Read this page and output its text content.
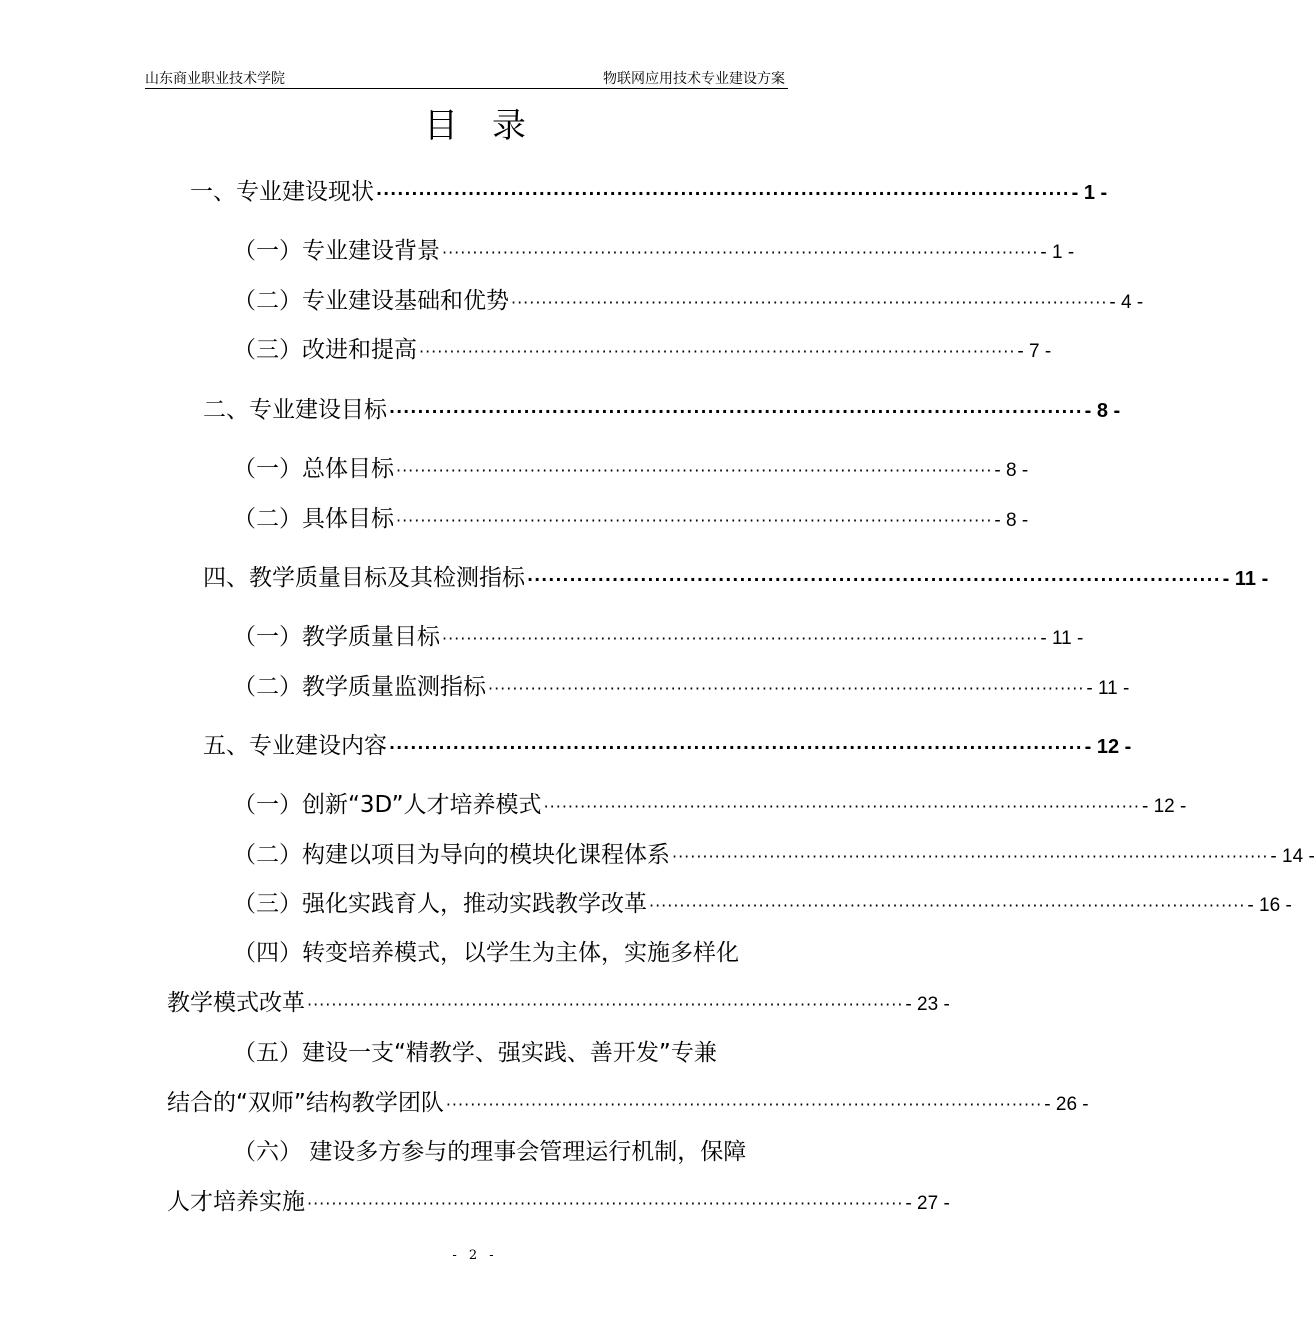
山东商业职业技术学院	物联网应用技术专业建设方案
目录
一、专业建设现状 ·································································································· - 1 -
（一）专业建设背景 ·································································································· - 1 -
（二）专业建设基础和优势 ·································································································· - 4 -
（三）改进和提高 ·································································································· - 7 -
二、专业建设目标 ·································································································· - 8 -
（一）总体目标 ·································································································· - 8 -
（二）具体目标 ·································································································· - 8 -
四、教学质量目标及其检测指标 ·································································································· - 11 -
（一）教学质量目标 ·································································································· - 11 -
（二）教学质量监测指标 ·································································································· - 11 -
五、专业建设内容 ·································································································· - 12 -
（一）创新“3D”人才培养模式 ·································································································· - 12 -
（二）构建以项目为导向的模块化课程体系 ·································································································· - 14 -
（三）强化实践育人，推动实践教学改革 ·································································································· - 16 -
（四）转变培养模式，以学生为主体，实施多样化
教学模式改革 ·································································································· - 23 -
（五）建设一支“精教学、强实践、善开发”专兼
结合的“双师”结构教学团队 ·································································································· - 26 -
（六） 建设多方参与的理事会管理运行机制，保障
人才培养实施 ·································································································· - 27 -
- 2 -
